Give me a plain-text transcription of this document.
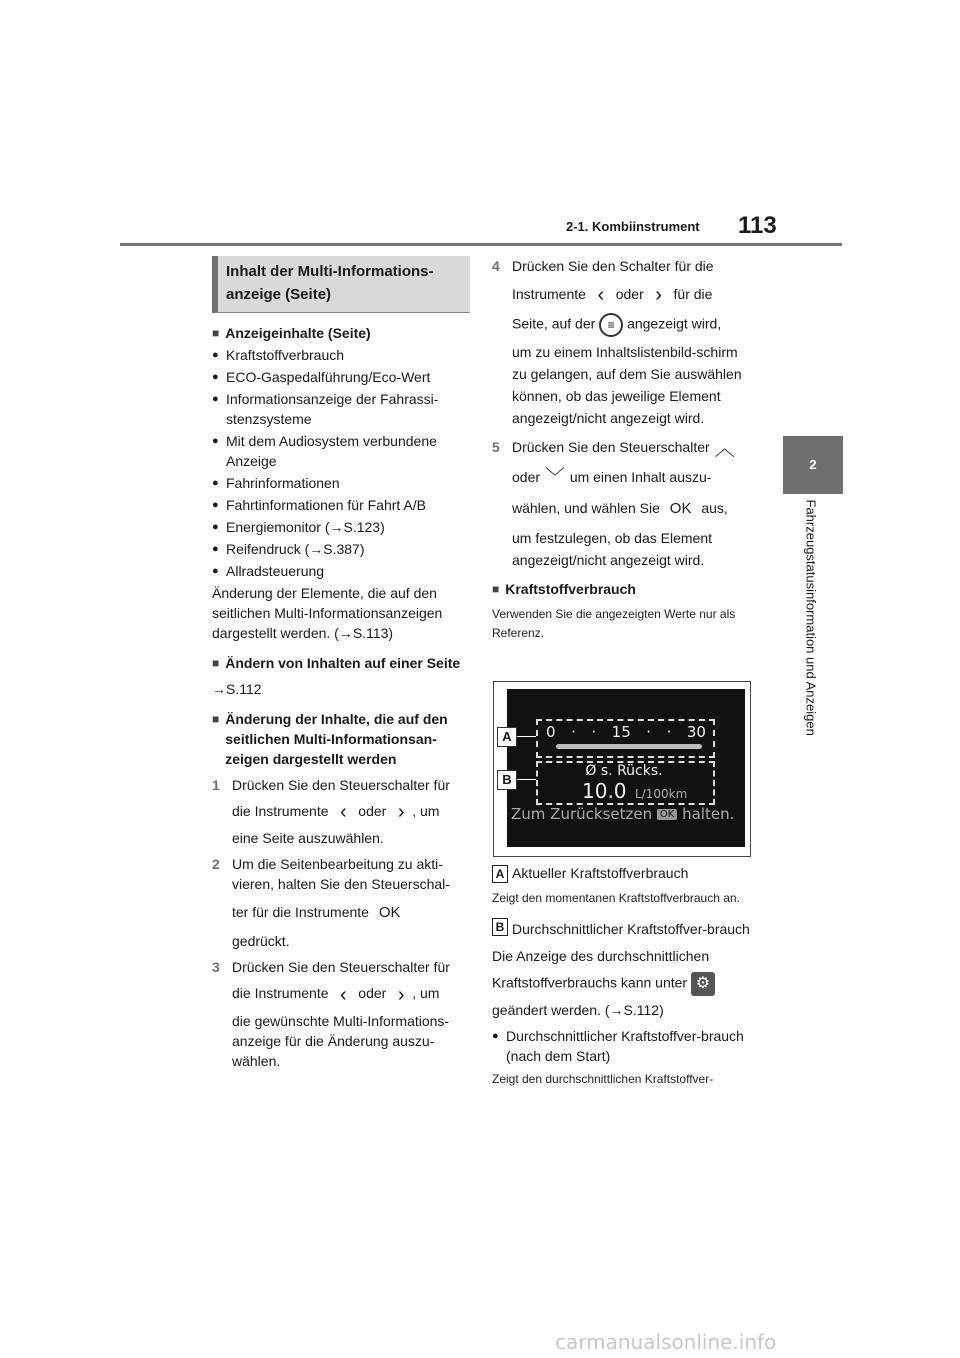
2-1. Kombiinstrument 113
2
Fahrzeugstatusinformation und Anzeigen
Inhalt der Multi-Informations-
anzeige (Seite)
■ Anzeigeinhalte (Seite)
● Kraftstoffverbrauch
● ECO-Gaspedalführung/Eco-Wert
● Informationsanzeige der Fahrassi-stenzsysteme
● Mit dem Audiosystem verbundene Anzeige
● Fahrinformationen
● Fahrtinformationen für Fahrt A/B
● Energiemonitor (→S.123)
● Reifendruck (→S.387)
● Allradsteuerung
Änderung der Elemente, die auf den seitlichen Multi-Informationsanzeigen dargestellt werden. (→S.113)
■ Ändern von Inhalten auf einer Seite
→S.112
■ Änderung der Inhalte, die auf den seitlichen Multi-Informationsan-zeigen dargestellt werden
1 Drücken Sie den Steuerschalter für
die Instrumente ‹ oder › , um
eine Seite auszuwählen.
2 Um die Seitenbearbeitung zu akti-vieren, halten Sie den Steuerschal-
ter für die Instrumente OK
gedrückt.
3 Drücken Sie den Steuerschalter für
die Instrumente ‹ oder › , um
die gewünschte Multi-Informations-anzeige für die Änderung auszu-wählen.
4 Drücken Sie den Schalter für die
Instrumente ‹ oder › für die
Seite, auf der ≡ angezeigt wird,
um zu einem Inhaltslistenbild-schirm zu gelangen, auf dem Sie auswählen können, ob das jeweilige Element angezeigt/nicht angezeigt wird.
5 Drücken Sie den Steuerschalter ︿
oder ﹀ um einen Inhalt auszu-
wählen, und wählen Sie OK aus,
um festzulegen, ob das Element angezeigt/nicht angezeigt wird.
■ Kraftstoffverbrauch
Verwenden Sie die angezeigten Werte nur als Referenz.
0 · · 15 · · 30
Ø s. Rücks.
10.0 L/100km
Zum Zurücksetzen OK halten.
A
B
A Aktueller Kraftstoffverbrauch
Zeigt den momentanen Kraftstoffverbrauch an.
B Durchschnittlicher Kraftstoffver-brauch
Die Anzeige des durchschnittlichen
Kraftstoffverbrauchs kann unter ⚙
geändert werden. (→S.112)
● Durchschnittlicher Kraftstoffver-brauch (nach dem Start)
Zeigt den durchschnittlichen Kraftstoffver-
carmanualsonline.info
